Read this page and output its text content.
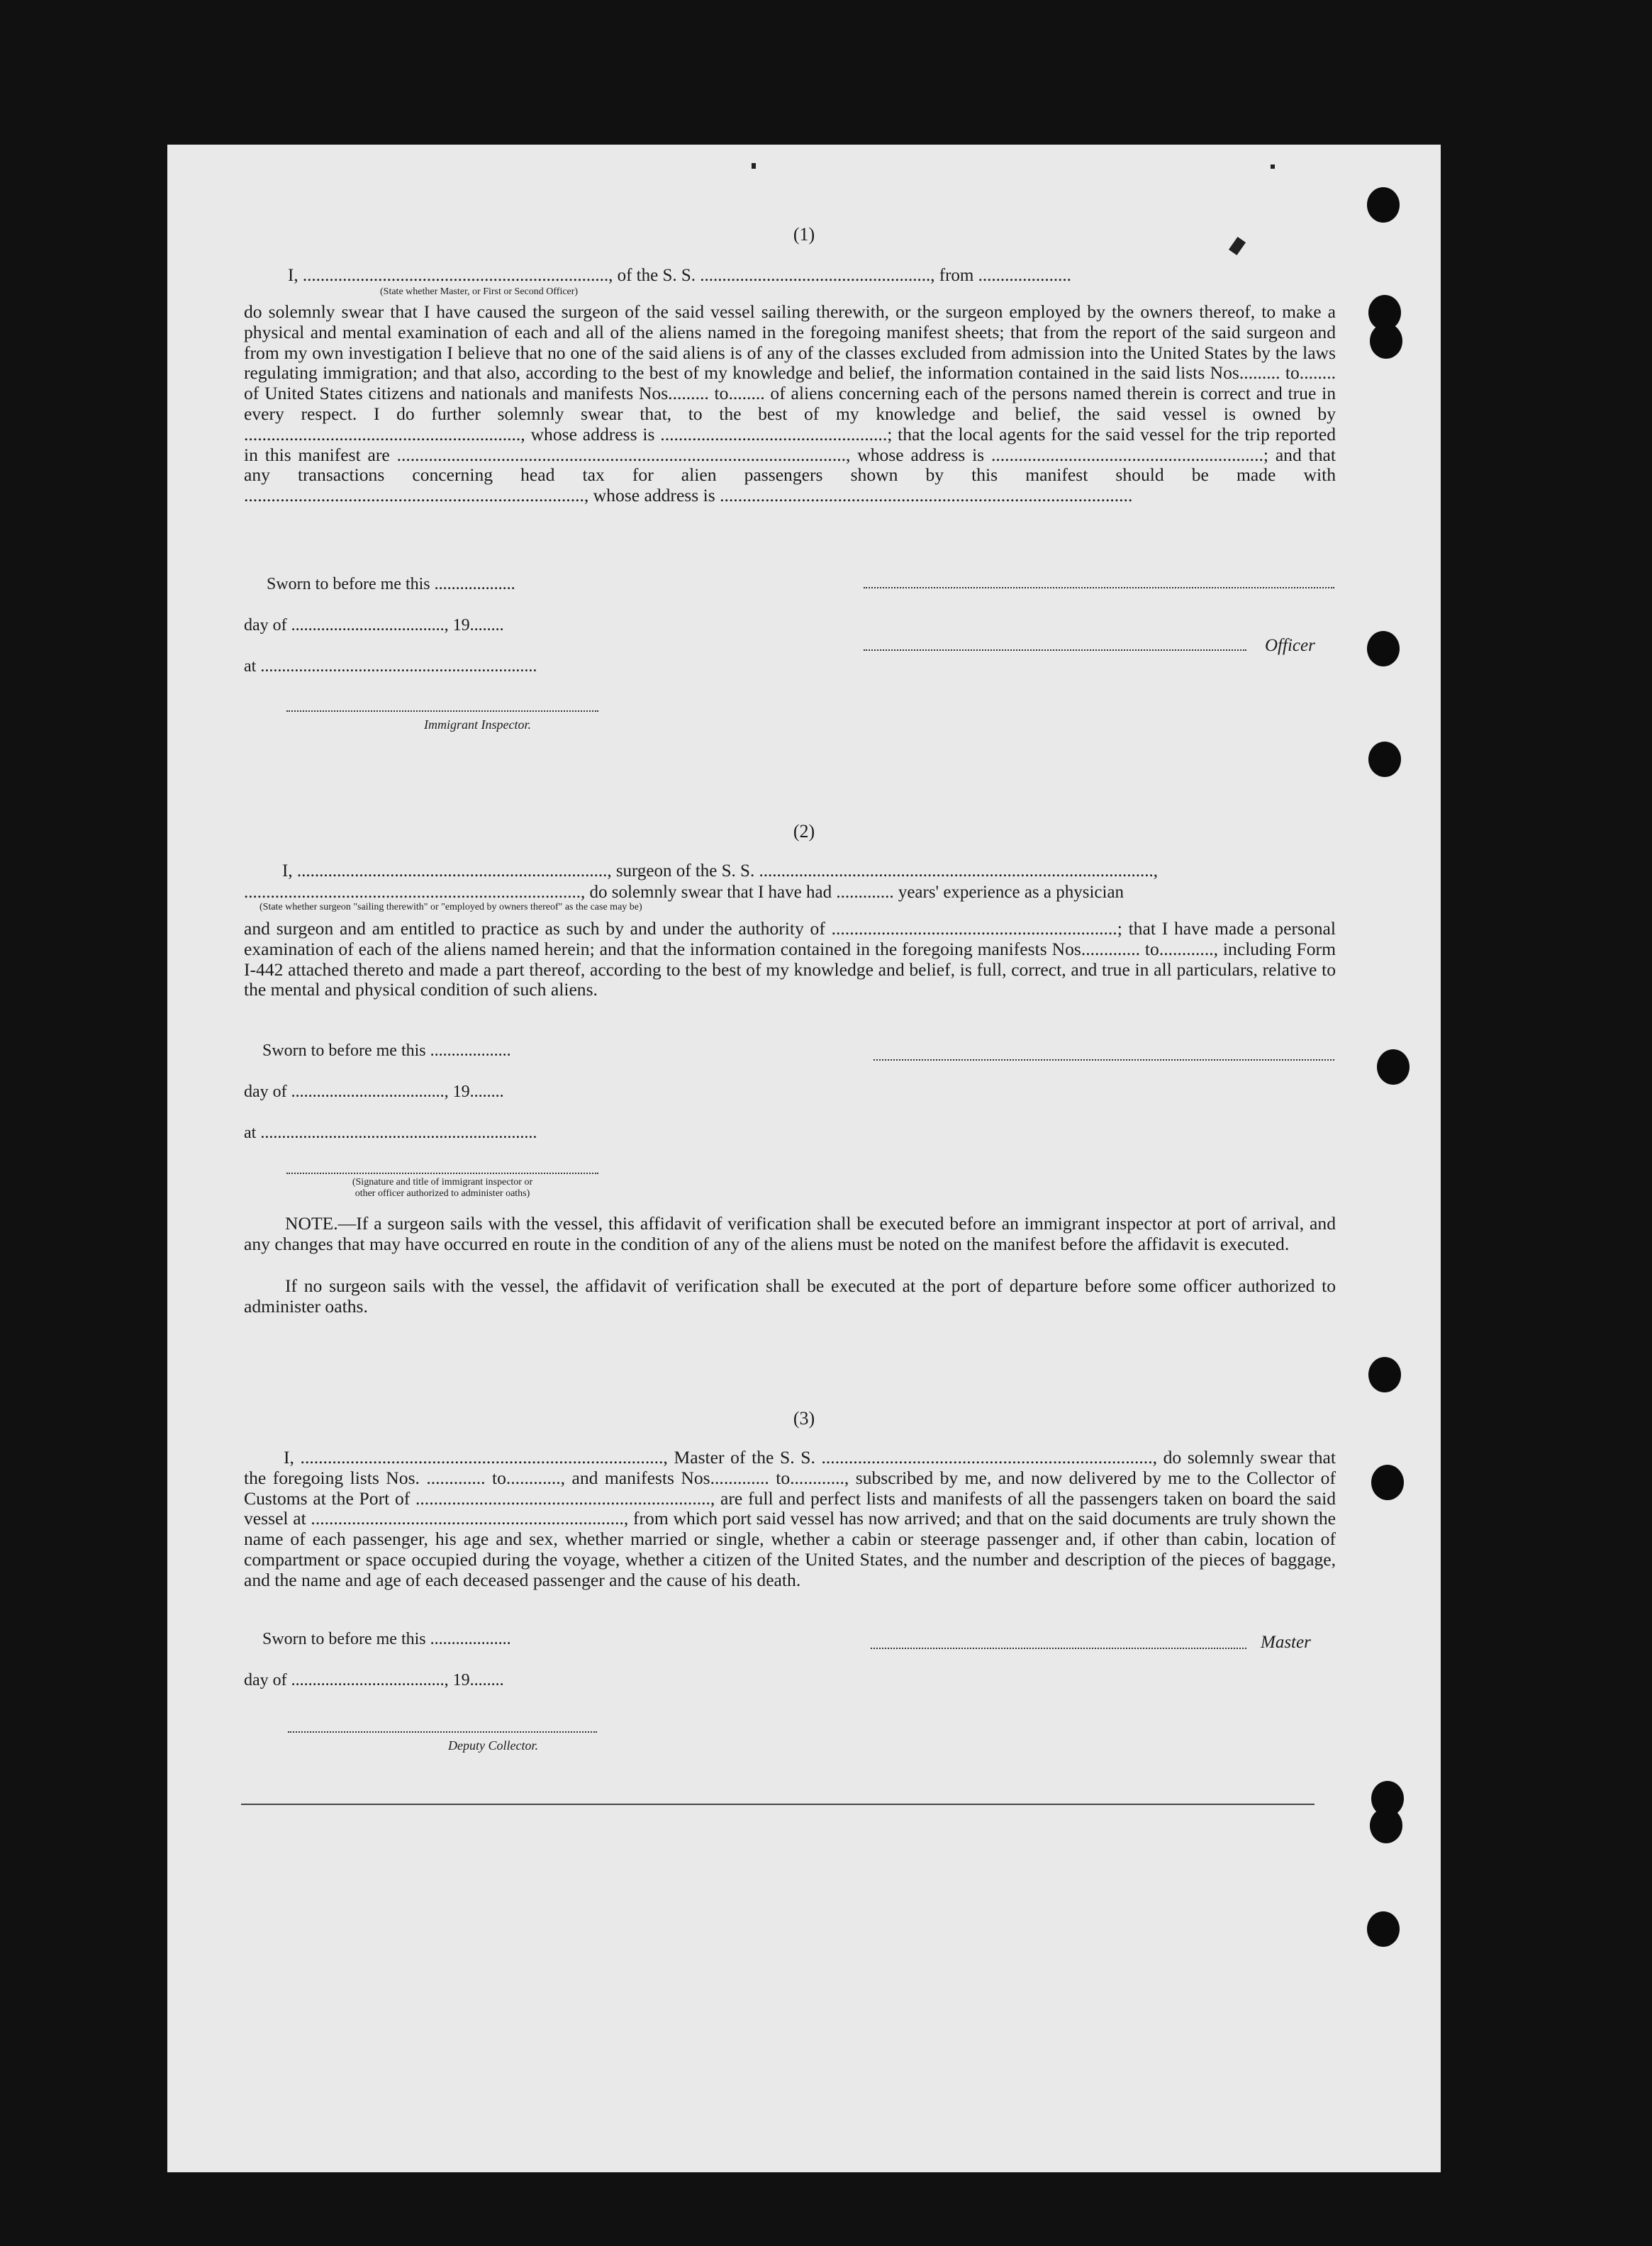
(1)
I, ....................................................................., of the S. S. ...................................................., from .....................
(State whether Master, or First or Second Officer)
do solemnly swear that I have caused the surgeon of the said vessel sailing therewith, or the surgeon employed by the owners thereof, to make a physical and mental examination of each and all of the aliens named in the foregoing manifest sheets; that from the report of the said surgeon and from my own investigation I believe that no one of the said aliens is of any of the classes excluded from admission into the United States by the laws regulating immigration; and that also, according to the best of my knowledge and belief, the information contained in the said lists Nos......... to........ of United States citizens and nationals and manifests Nos......... to........ of aliens concerning each of the persons named therein is correct and true in every respect. I do further solemnly swear that, to the best of my knowledge and belief, the said vessel is owned by ............................................................., whose address is ..................................................; that the local agents for the said vessel for the trip reported in this manifest are ..................................................................................................., whose address is ............................................................; and that any transactions concerning head tax for alien passengers shown by this manifest should be made with ..........................................................................., whose address is ...........................................................................................
Sworn to before me this ...................
day of ...................................., 19........
at .................................................................
Officer
Immigrant Inspector.
(2)
I, ......................................................................, surgeon of the S. S. .........................................................................................,
............................................................................, do solemnly swear that I have had ............. years' experience as a physician
(State whether surgeon "sailing therewith" or "employed by owners thereof" as the case may be)
and surgeon and am entitled to practice as such by and under the authority of ...............................................................; that I have made a personal examination of each of the aliens named herein; and that the information contained in the foregoing manifests Nos............. to............, including Form I-442 attached thereto and made a part thereof, according to the best of my knowledge and belief, is full, correct, and true in all particulars, relative to the mental and physical condition of such aliens.
Sworn to before me this ...................
day of ...................................., 19........
at .................................................................
(Signature and title of immigrant inspector or
other officer authorized to administer oaths)

NOTE.—If a surgeon sails with the vessel, this affidavit of verification shall be executed before an immigrant inspector at port of arrival, and any changes that may have occurred en route in the condition of any of the aliens must be noted on the manifest before the affidavit is executed.

If no surgeon sails with the vessel, the affidavit of verification shall be executed at the port of departure before some officer authorized to administer oaths.

(3)

I, ................................................................................, Master of the S. S. ........................................................................., do solemnly swear that the foregoing lists Nos. ............. to............, and manifests Nos............. to............, subscribed by me, and now delivered by me to the Collector of Customs at the Port of ................................................................., are full and perfect lists and manifests of all the passengers taken on board the said vessel at ....................................................................., from which port said vessel has now arrived; and that on the said documents are truly shown the name of each passenger, his age and sex, whether married or single, whether a cabin or steerage passenger and, if other than cabin, location of compartment or space occupied during the voyage, whether a citizen of the United States, and the number and description of the pieces of baggage, and the name and age of each deceased passenger and the cause of his death.

Sworn to before me this ...................
day of ...................................., 19........
Master
Deputy Collector.
